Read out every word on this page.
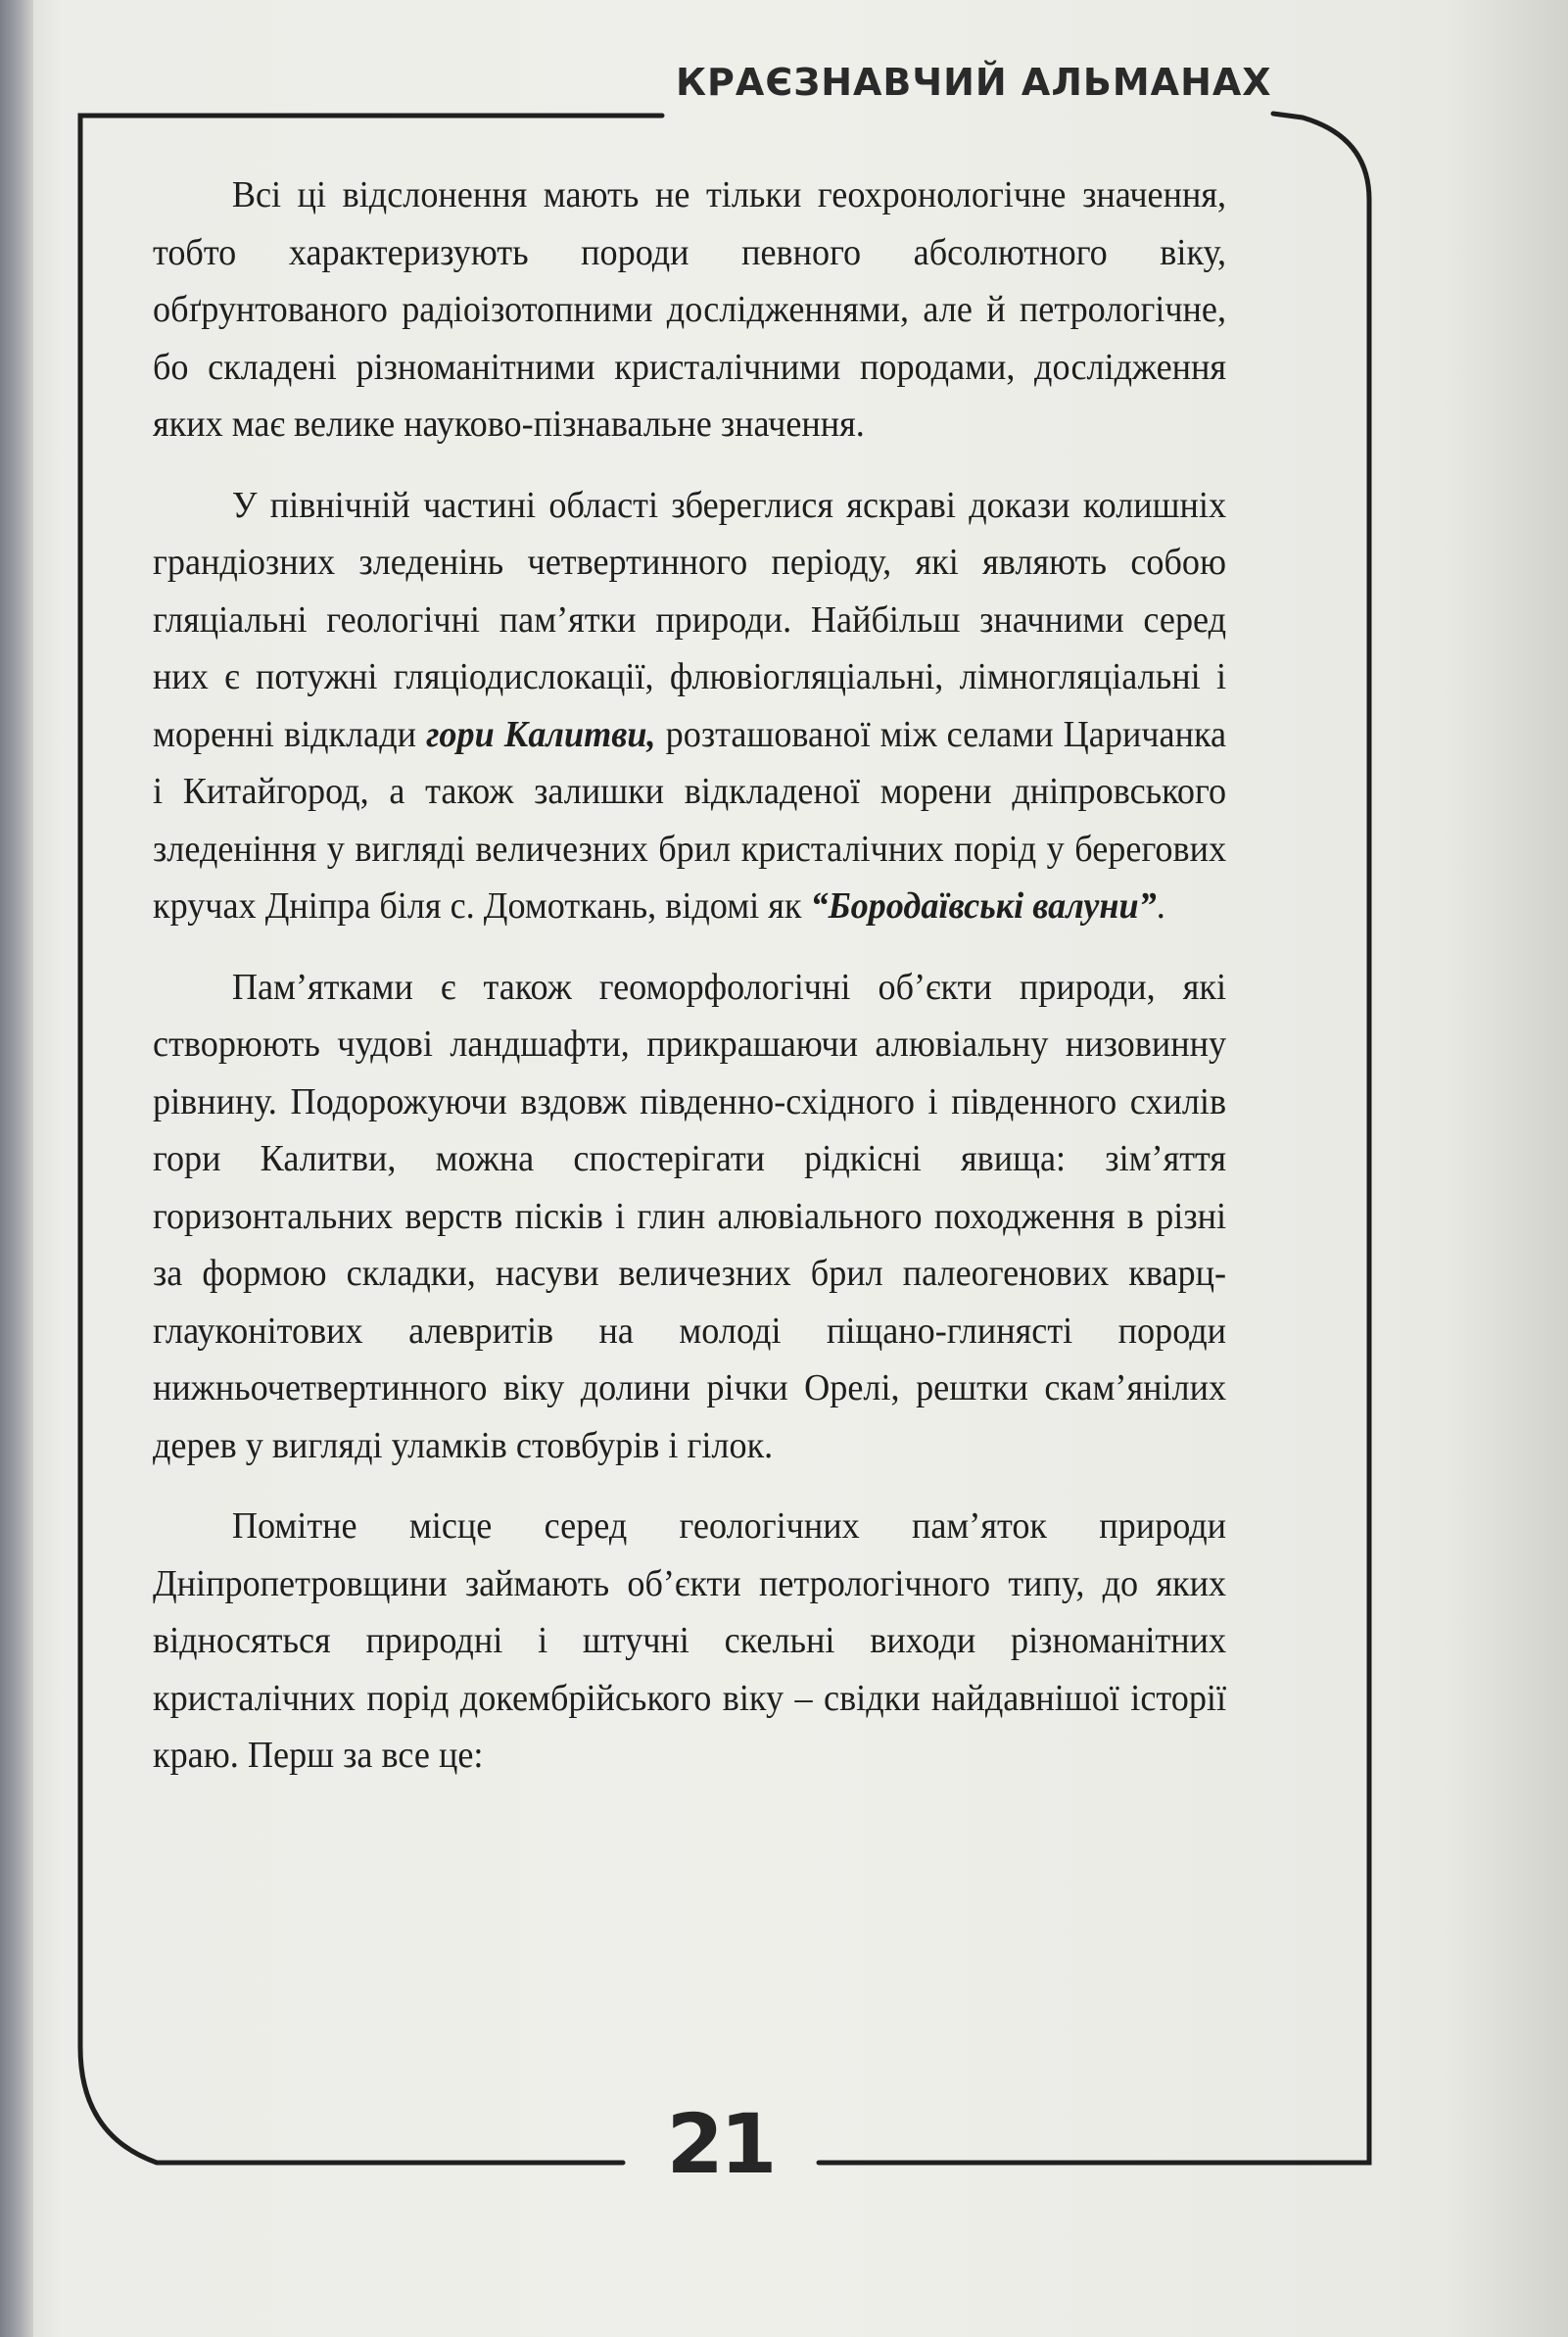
КРАЄЗНАВЧИЙ АЛЬМАНАХ

Всі ці відслонення мають не тільки геохронологічне значення, тобто характеризують породи певного абсолютного віку, обґрунтованого радіоізотопними дослідженнями, але й петрологічне, бо складені різноманітними кристалічними породами, дослідження яких має велике науково-пізнавальне значення.

У північній частині області збереглися яскраві докази колишніх грандіозних зледенінь четвертинного періоду, які являють собою гляціальні геологічні пам’ятки природи. Найбільш значними серед них є потужні гляціодислокації, флювіогляціальні, лімногляціальні і моренні відклади гори Калитви, розташованої між селами Царичанка і Китайгород, а також залишки відкладеної морени дніпровського зледеніння у вигляді величезних брил кристалічних порід у берегових кручах Дніпра біля с. Домоткань, відомі як “Бородаївські валуни”.

Пам’ятками є також геоморфологічні об’єкти природи, які створюють чудові ландшафти, прикрашаючи алювіальну низовинну рівнину. Подорожуючи вздовж південно-східного і південного схилів гори Калитви, можна спостерігати рідкісні явища: зім’яття горизонтальних верств пісків і глин алювіального походження в різні за формою складки, насуви величезних брил палеогенових кварц-глауконітових алевритів на молоді піщано-глинясті породи нижньочетвертинного віку долини річки Орелі, рештки скам’янілих дерев у вигляді уламків стовбурів і гілок.

Помітне місце серед геологічних пам’яток природи Дніпропетровщини займають об’єкти петрологічного типу, до яких відносяться природні і штучні скельні виходи різноманітних кристалічних порід докембрійського віку – свідки найдавнішої історії краю. Перш за все це:

21
